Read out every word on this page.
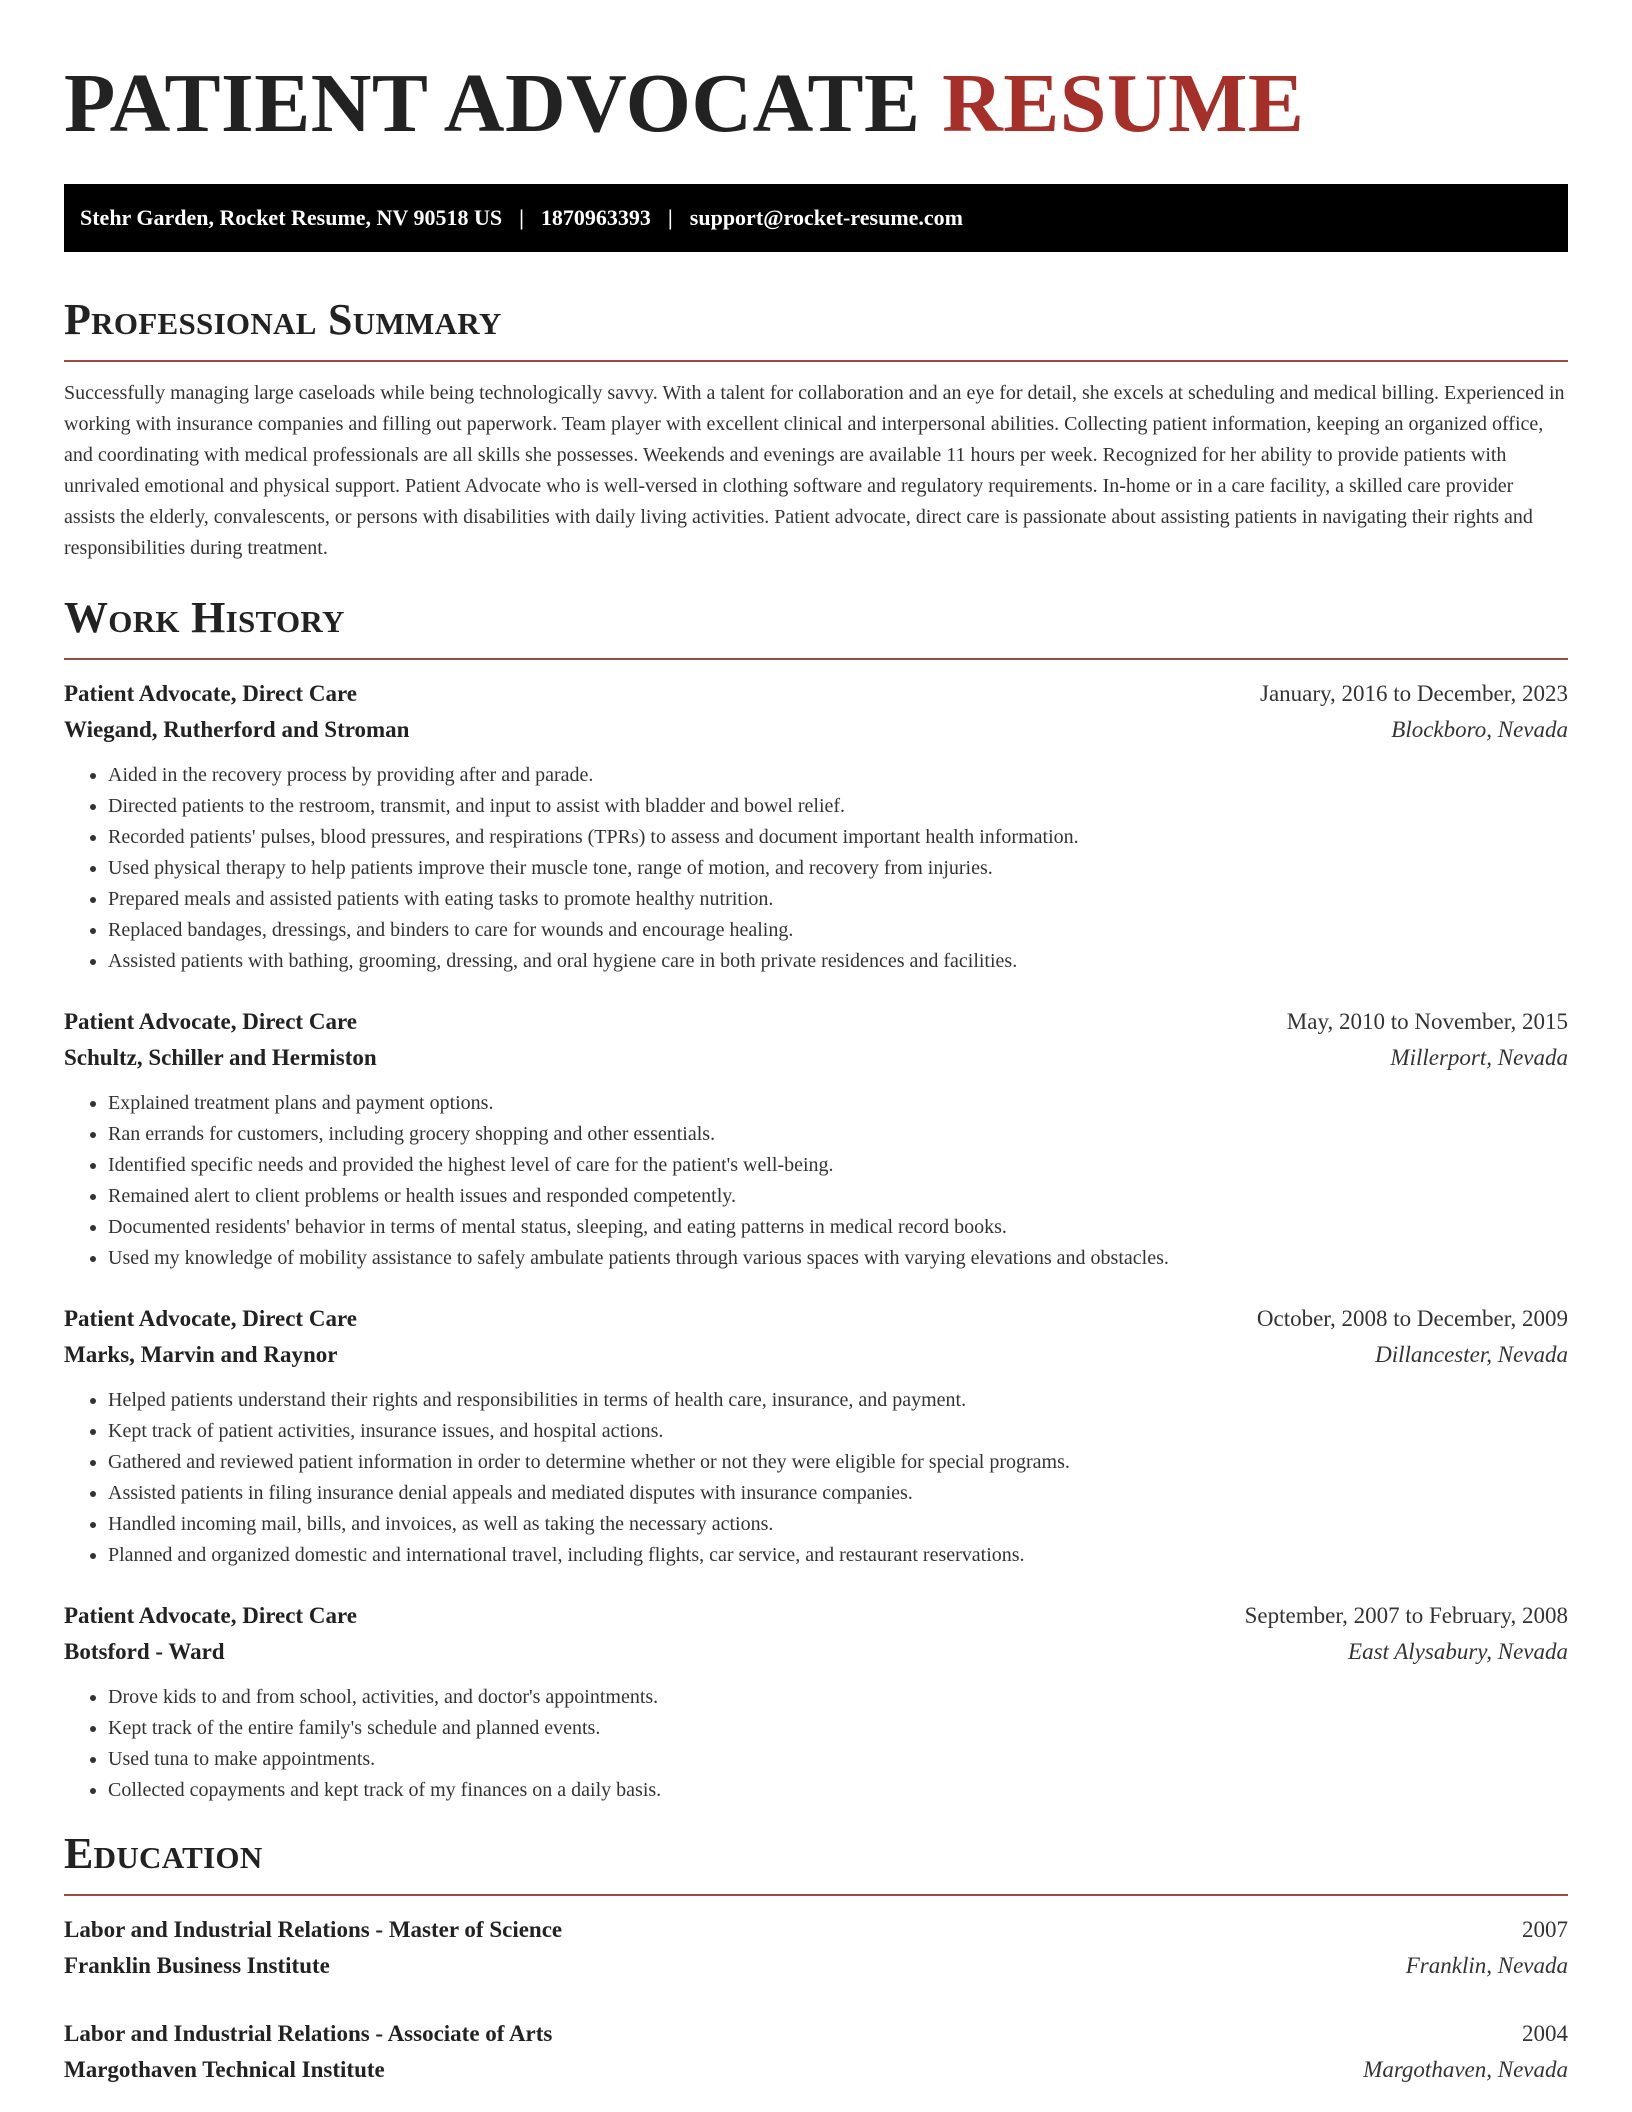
PATIENT ADVOCATE RESUME
Stehr Garden, Rocket Resume, NV 90518 US | 1870963393 | support@rocket-resume.com
Professional Summary

Successfully managing large caseloads while being technologically savvy. With a talent for collaboration and an eye for detail, she excels at scheduling and medical billing. Experienced in working with insurance companies and filling out paperwork. Team player with excellent clinical and interpersonal abilities. Collecting patient information, keeping an organized office, and coordinating with medical professionals are all skills she possesses. Weekends and evenings are available 11 hours per week. Recognized for her ability to provide patients with unrivaled emotional and physical support. Patient Advocate who is well-versed in clothing software and regulatory requirements. In-home or in a care facility, a skilled care provider assists the elderly, convalescents, or persons with disabilities with daily living activities. Patient advocate, direct care is passionate about assisting patients in navigating their rights and responsibilities during treatment.

Work History
Patient Advocate, Direct Care	January, 2016 to December, 2023
Wiegand, Rutherford and Stroman	Blockboro, Nevada
• Aided in the recovery process by providing after and parade.
• Directed patients to the restroom, transmit, and input to assist with bladder and bowel relief.
• Recorded patients' pulses, blood pressures, and respirations (TPRs) to assess and document important health information.
• Used physical therapy to help patients improve their muscle tone, range of motion, and recovery from injuries.
• Prepared meals and assisted patients with eating tasks to promote healthy nutrition.
• Replaced bandages, dressings, and binders to care for wounds and encourage healing.
• Assisted patients with bathing, grooming, dressing, and oral hygiene care in both private residences and facilities.
Patient Advocate, Direct Care	May, 2010 to November, 2015
Schultz, Schiller and Hermiston	Millerport, Nevada
• Explained treatment plans and payment options.
• Ran errands for customers, including grocery shopping and other essentials.
• Identified specific needs and provided the highest level of care for the patient's well-being.
• Remained alert to client problems or health issues and responded competently.
• Documented residents' behavior in terms of mental status, sleeping, and eating patterns in medical record books.
• Used my knowledge of mobility assistance to safely ambulate patients through various spaces with varying elevations and obstacles.
Patient Advocate, Direct Care	October, 2008 to December, 2009
Marks, Marvin and Raynor	Dillancester, Nevada
• Helped patients understand their rights and responsibilities in terms of health care, insurance, and payment.
• Kept track of patient activities, insurance issues, and hospital actions.
• Gathered and reviewed patient information in order to determine whether or not they were eligible for special programs.
• Assisted patients in filing insurance denial appeals and mediated disputes with insurance companies.
• Handled incoming mail, bills, and invoices, as well as taking the necessary actions.
• Planned and organized domestic and international travel, including flights, car service, and restaurant reservations.
Patient Advocate, Direct Care	September, 2007 to February, 2008
Botsford - Ward	East Alysabury, Nevada
• Drove kids to and from school, activities, and doctor's appointments.
• Kept track of the entire family's schedule and planned events.
• Used tuna to make appointments.
• Collected copayments and kept track of my finances on a daily basis.
Education
Labor and Industrial Relations - Master of Science	2007
Franklin Business Institute	Franklin, Nevada
Labor and Industrial Relations - Associate of Arts	2004
Margothaven Technical Institute	Margothaven, Nevada
